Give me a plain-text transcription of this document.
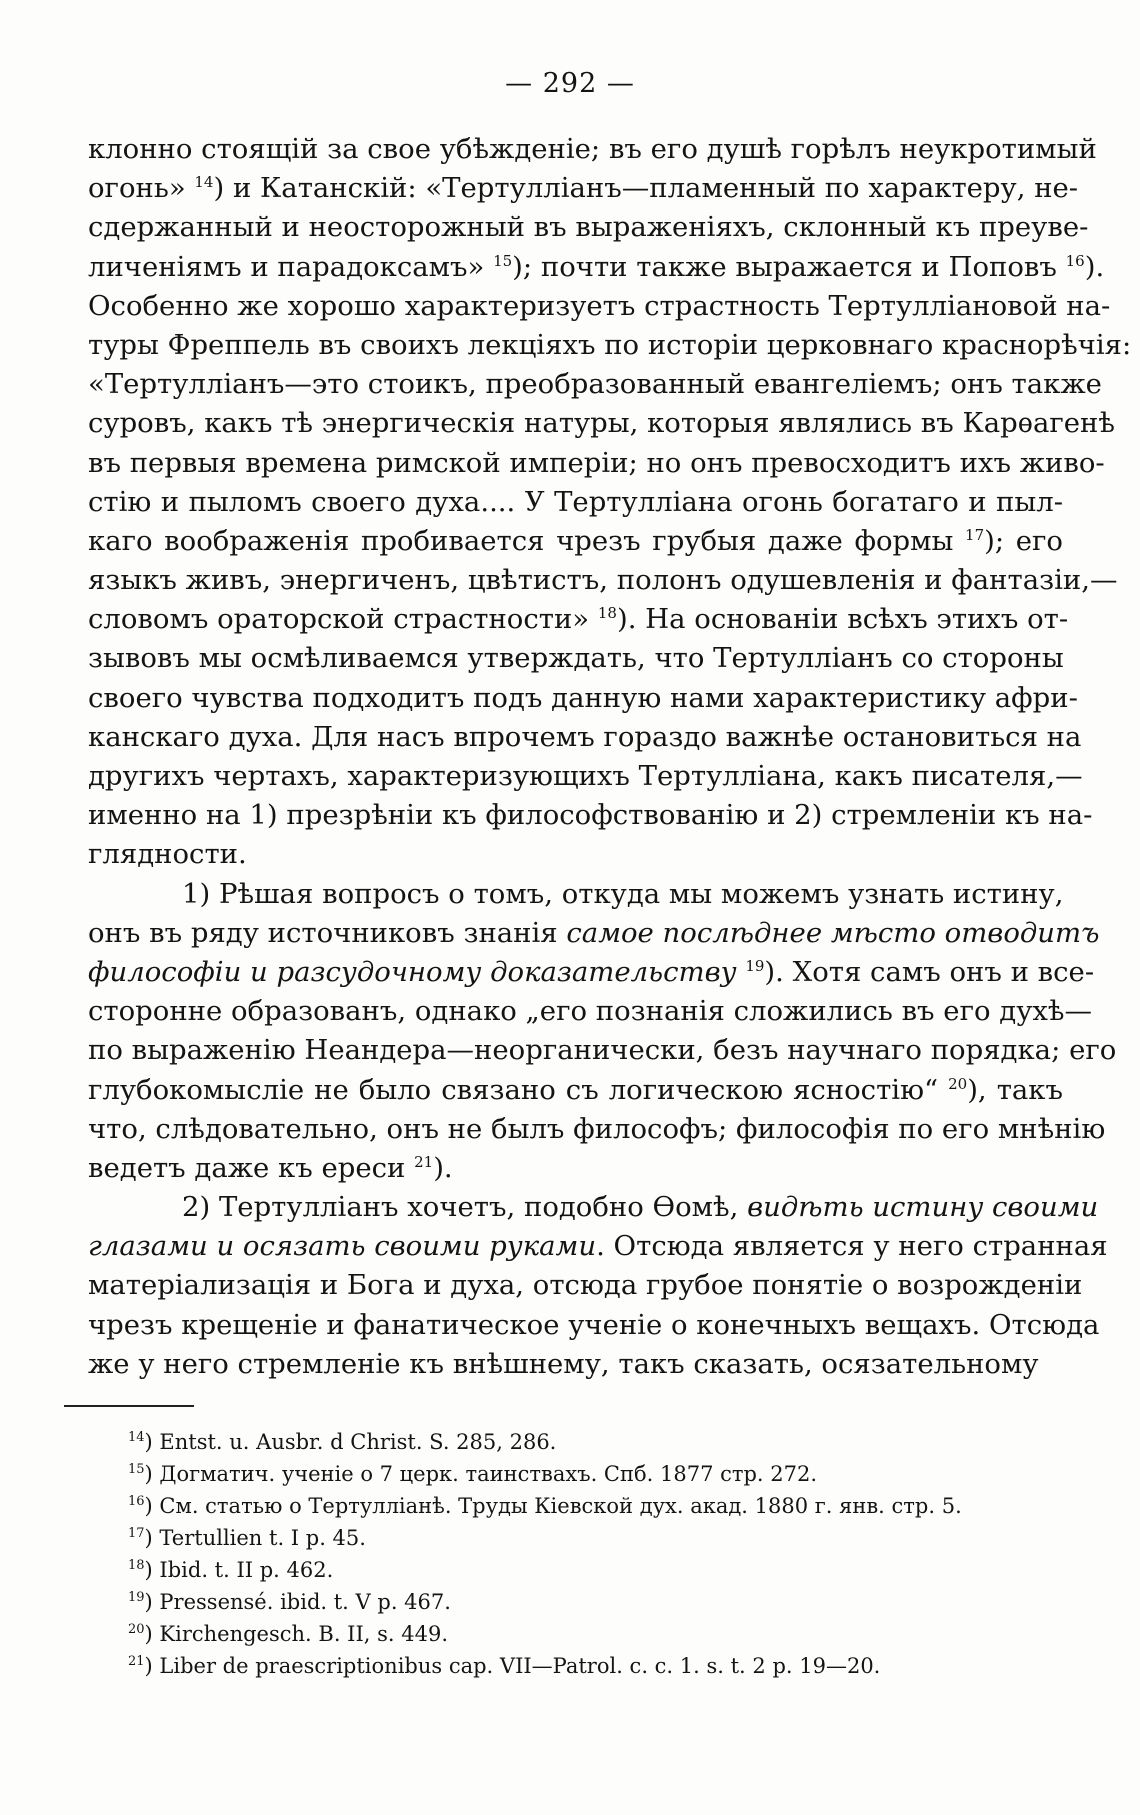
— 292 —
клонно стоящій за свое убѣжденіе; въ его душѣ горѣлъ неукротимый
огонь» $^{14}$) и Катанскій: «Тертулліанъ—пламенный по характеру, не-
сдержанный и неосторожный въ выраженіяхъ, склонный къ преуве-
личеніямъ и парадоксамъ» $^{15}$); почти также выражается и Поповъ $^{16}$).
Особенно же хорошо характеризуетъ страстность Тертулліановой на-
туры Фреппель въ своихъ лекціяхъ по исторіи церковнаго краснорѣчія:
«Тертулліанъ—это стоикъ, преобразованный евангеліемъ; онъ также
суровъ, какъ тѣ энергическія натуры, которыя являлись въ Карѳагенѣ
въ первыя времена римской имперіи; но онъ превосходитъ ихъ живо-
стію и пыломъ своего духа.... У Тертулліана огонь богатаго и пыл-
каго воображенія пробивается чрезъ грубыя даже формы $^{17}$); его
языкъ живъ, энергиченъ, цвѣтистъ, полонъ одушевленія и фантазіи,—
словомъ ораторской страстности» $^{18}$). На основаніи всѣхъ этихъ от-
зывовъ мы осмѣливаемся утверждать, что Тертулліанъ со стороны
своего чувства подходитъ подъ данную нами характеристику афри-
канскаго духа. Для насъ впрочемъ гораздо важнѣе остановиться на
другихъ чертахъ, характеризующихъ Тертулліана, какъ писателя,—
именно на 1) презрѣніи къ философствованію и 2) стремленіи къ на-
глядности.
1) Рѣшая вопросъ о томъ, откуда мы можемъ узнать истину,
онъ въ ряду источниковъ знанія самое послѣднее мѣсто отводитъ
философіи и разсудочному доказательству $^{19}$). Хотя самъ онъ и все-
сторонне образованъ, однако „его познанія сложились въ его духѣ—
по выраженію Неандера—неорганически, безъ научнаго порядка; его
глубокомысліе не было связано съ логическою ясностію“ $^{20}$), такъ
что, слѣдовательно, онъ не былъ философъ; философія по его мнѣнію
ведетъ даже къ ереси $^{21}$).
2) Тертулліанъ хочетъ, подобно Ѳомѣ, видѣть истину своими
глазами и осязать своими руками. Отсюда является у него странная
матеріализація и Бога и духа, отсюда грубое понятіе о возрожденіи
чрезъ крещеніе и фанатическое ученіе о конечныхъ вещахъ. Отсюда
же у него стремленіе къ внѣшнему, такъ сказать, осязательному
$^{14}$) Entst. u. Ausbr. d Christ. S. 285, 286.
$^{15}$) Догматич. ученіе о 7 церк. таинствахъ. Спб. 1877 стр. 272.
$^{16}$) См. статью о Тертулліанѣ. Труды Кіевской дух. акад. 1880 г. янв. стр. 5.
$^{17}$) Tertullien t. I p. 45.
$^{18}$) Ibid. t. II p. 462.
$^{19}$) Pressensé. ibid. t. V p. 467.
$^{20}$) Kirchengesch. B. II, s. 449.
$^{21}$) Liber de praescriptionibus cap. VII—Patrol. c. c. 1. s. t. 2 p. 19—20.
